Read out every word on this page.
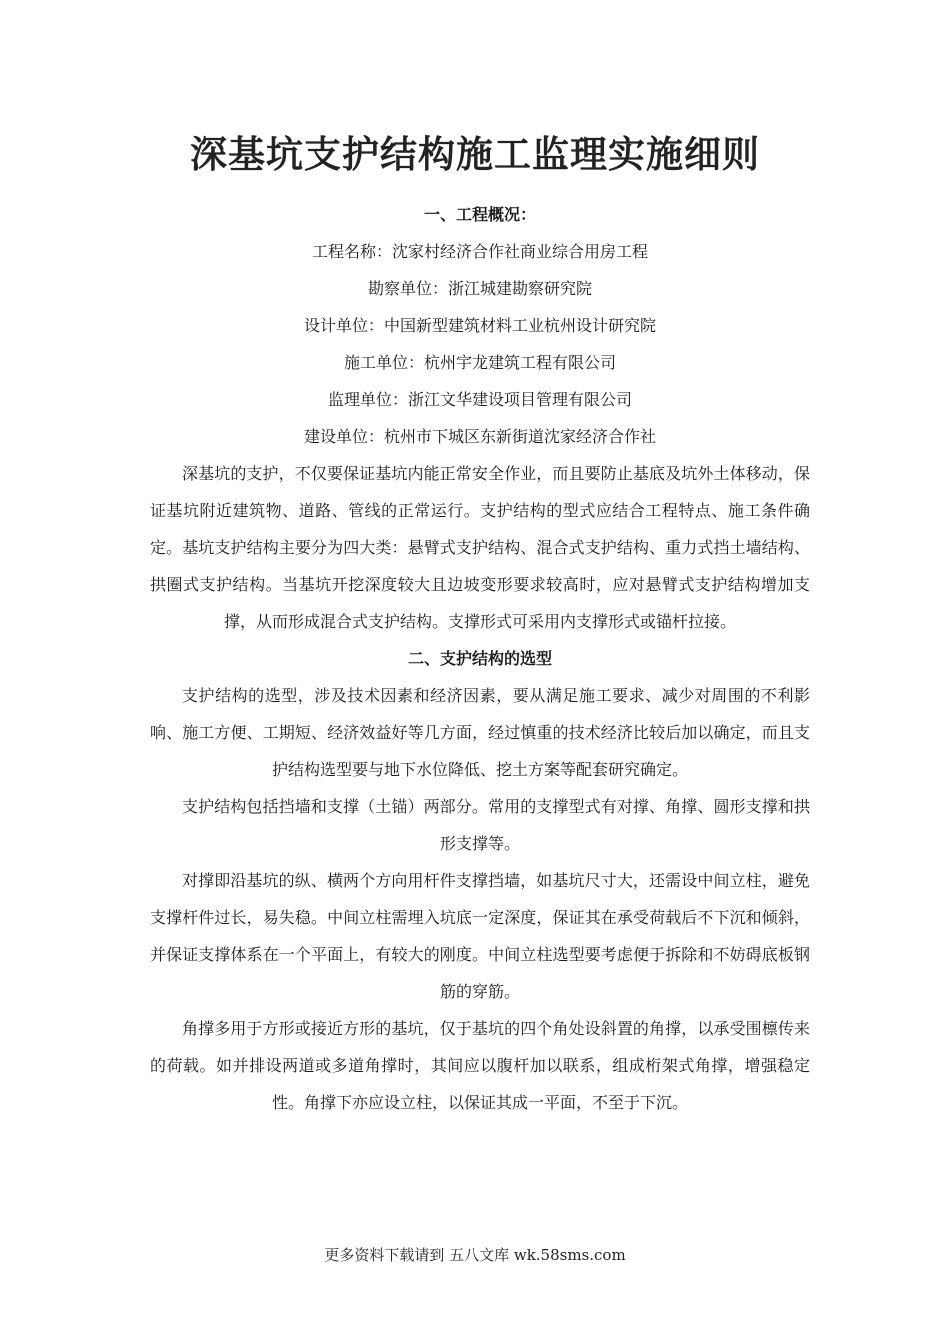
深基坑支护结构施工监理实施细则

一、工程概况：

工程名称：沈家村经济合作社商业综合用房工程

勘察单位：浙江城建勘察研究院

设计单位：中国新型建筑材料工业杭州设计研究院

施工单位：杭州宇龙建筑工程有限公司

监理单位：浙江文华建设项目管理有限公司

建设单位：杭州市下城区东新街道沈家经济合作社

深基坑的支护，不仅要保证基坑内能正常安全作业，而且要防止基底及坑外土体移动，保证基坑附近建筑物、道路、管线的正常运行。支护结构的型式应结合工程特点、施工条件确定。基坑支护结构主要分为四大类：悬臂式支护结构、混合式支护结构、重力式挡土墙结构、拱圈式支护结构。当基坑开挖深度较大且边坡变形要求较高时，应对悬臂式支护结构增加支撑，从而形成混合式支护结构。支撑形式可采用内支撑形式或锚杆拉接。

二、支护结构的选型

支护结构的选型，涉及技术因素和经济因素，要从满足施工要求、减少对周围的不利影响、施工方便、工期短、经济效益好等几方面，经过慎重的技术经济比较后加以确定，而且支护结构选型要与地下水位降低、挖土方案等配套研究确定。

支护结构包括挡墙和支撑（土锚）两部分。常用的支撑型式有对撑、角撑、圆形支撑和拱形支撑等。

对撑即沿基坑的纵、横两个方向用杆件支撑挡墙，如基坑尺寸大，还需设中间立柱，避免支撑杆件过长，易失稳。中间立柱需埋入坑底一定深度，保证其在承受荷载后不下沉和倾斜，并保证支撑体系在一个平面上，有较大的刚度。中间立柱选型要考虑便于拆除和不妨碍底板钢筋的穿筋。

角撑多用于方形或接近方形的基坑，仅于基坑的四个角处设斜置的角撑，以承受围檩传来的荷载。如并排设两道或多道角撑时，其间应以腹杆加以联系，组成桁架式角撑，增强稳定性。角撑下亦应设立柱，以保证其成一平面，不至于下沉。

更多资料下载请到 五八文库 wk.58sms.com
